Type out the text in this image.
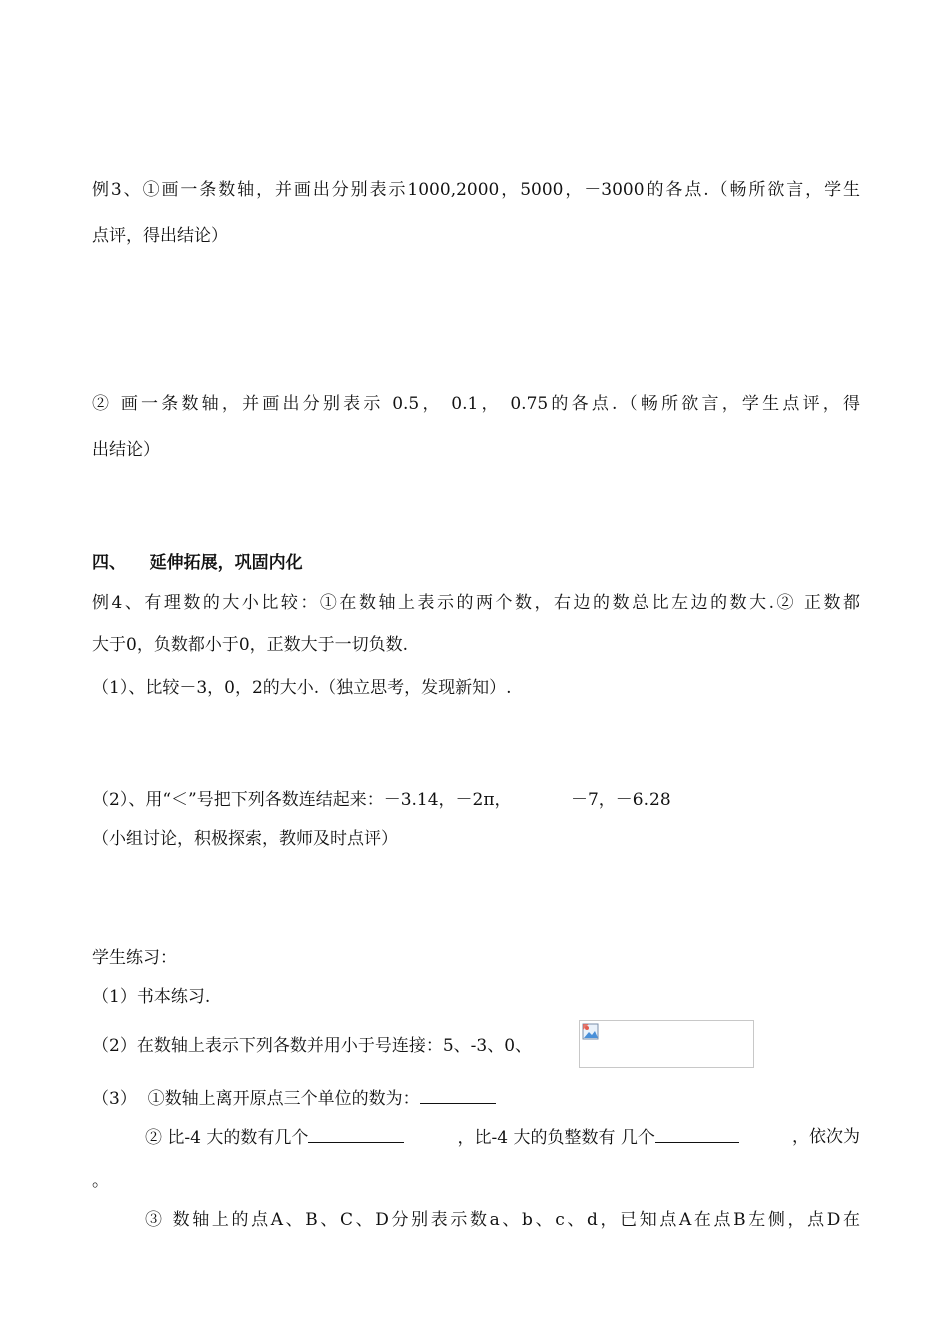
例3、①画一条数轴，并画出分别表示1000,2000，5000，－3000的各点.（畅所欲言，学生
点评，得出结论）
② 画一条数轴，并画出分别表示 0.5， 0.1， 0.75的各点.（畅所欲言，学生点评，得
出结论）
四、    延伸拓展，巩固内化
例4、有理数的大小比较：①在数轴上表示的两个数，右边的数总比左边的数大.② 正数都
大于0，负数都小于0，正数大于一切负数.
（1）、比较－3，0，2的大小.（独立思考，发现新知）.
（2）、用“＜”号把下列各数连结起来：－3.14，－2π，           －7，－6.28
（小组讨论，积极探索，教师及时点评）
学生练习：
（1）书本练习.
（2）在数轴上表示下列各数并用小于号连接：5、-3、0、
（3）  ①数轴上离开原点三个单位的数为：
② 比-4 大的数有几个	，比-4 大的负整数有 几个	，依次为
。
③ 数轴上的点A、B、C、D分别表示数a、b、c、d，已知点A在点B左侧，点D在
